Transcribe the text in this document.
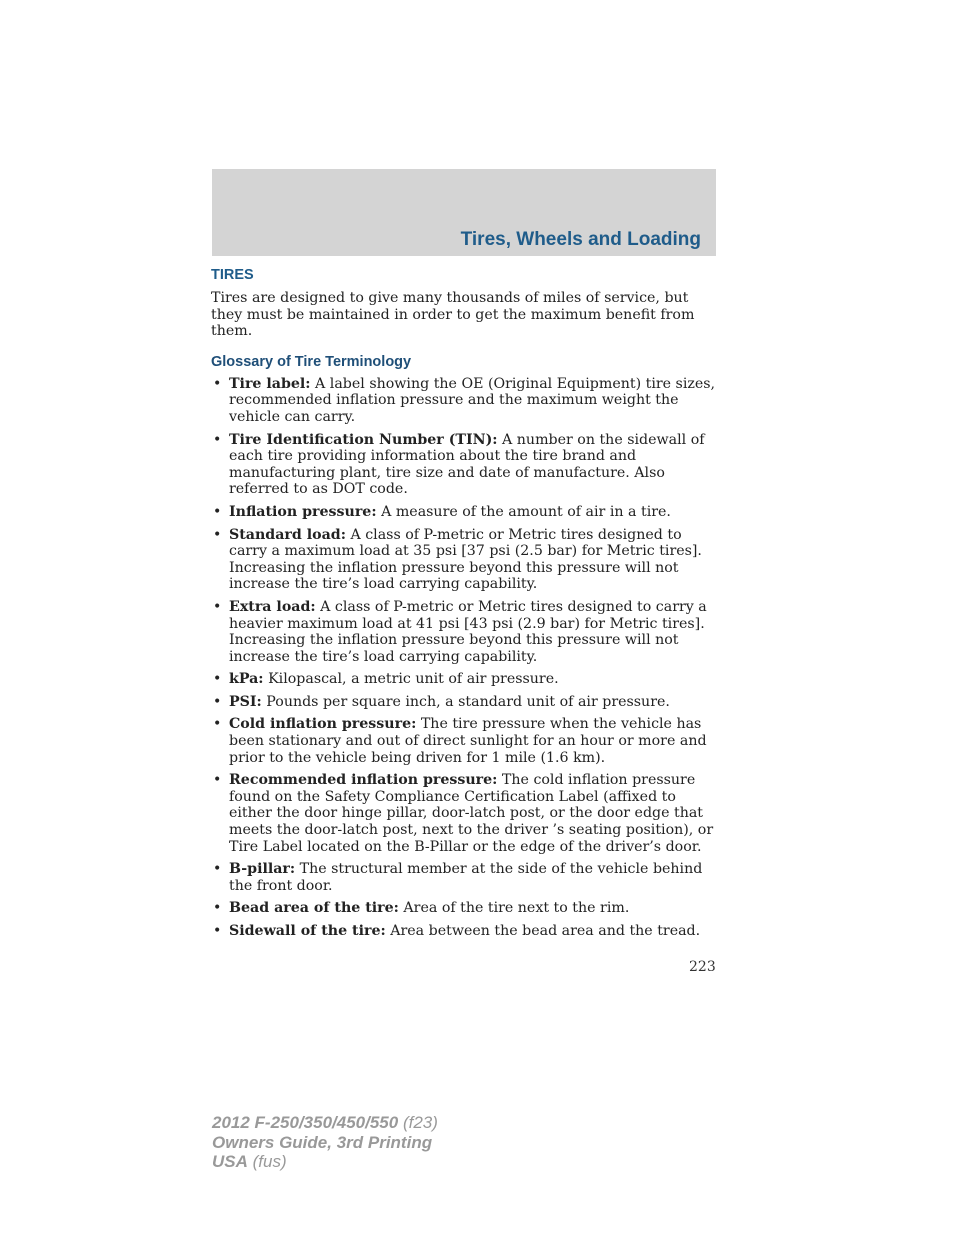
Tires, Wheels and Loading
TIRES

Tires are designed to give many thousands of miles of service, but they must be maintained in order to get the maximum benefit from them.

Glossary of Tire Terminology
• Tire label: A label showing the OE (Original Equipment) tire sizes, recommended inflation pressure and the maximum weight the vehicle can carry.
• Tire Identification Number (TIN): A number on the sidewall of each tire providing information about the tire brand and manufacturing plant, tire size and date of manufacture. Also referred to as DOT code.
• Inflation pressure: A measure of the amount of air in a tire.
• Standard load: A class of P-metric or Metric tires designed to carry a maximum load at 35 psi [37 psi (2.5 bar) for Metric tires]. Increasing the inflation pressure beyond this pressure will not increase the tire’s load carrying capability.
• Extra load: A class of P-metric or Metric tires designed to carry a heavier maximum load at 41 psi [43 psi (2.9 bar) for Metric tires]. Increasing the inflation pressure beyond this pressure will not increase the tire’s load carrying capability.
• kPa: Kilopascal, a metric unit of air pressure.
• PSI: Pounds per square inch, a standard unit of air pressure.
• Cold inflation pressure: The tire pressure when the vehicle has been stationary and out of direct sunlight for an hour or more and prior to the vehicle being driven for 1 mile (1.6 km).
• Recommended inflation pressure: The cold inflation pressure found on the Safety Compliance Certification Label (affixed to either the door hinge pillar, door-latch post, or the door edge that meets the door-latch post, next to the driver ’s seating position), or Tire Label located on the B-Pillar or the edge of the driver’s door.
• B-pillar: The structural member at the side of the vehicle behind the front door.
• Bead area of the tire: Area of the tire next to the rim.
• Sidewall of the tire: Area between the bead area and the tread.
223
2012 F-250/350/450/550 (f23)
Owners Guide, 3rd Printing
USA (fus)
